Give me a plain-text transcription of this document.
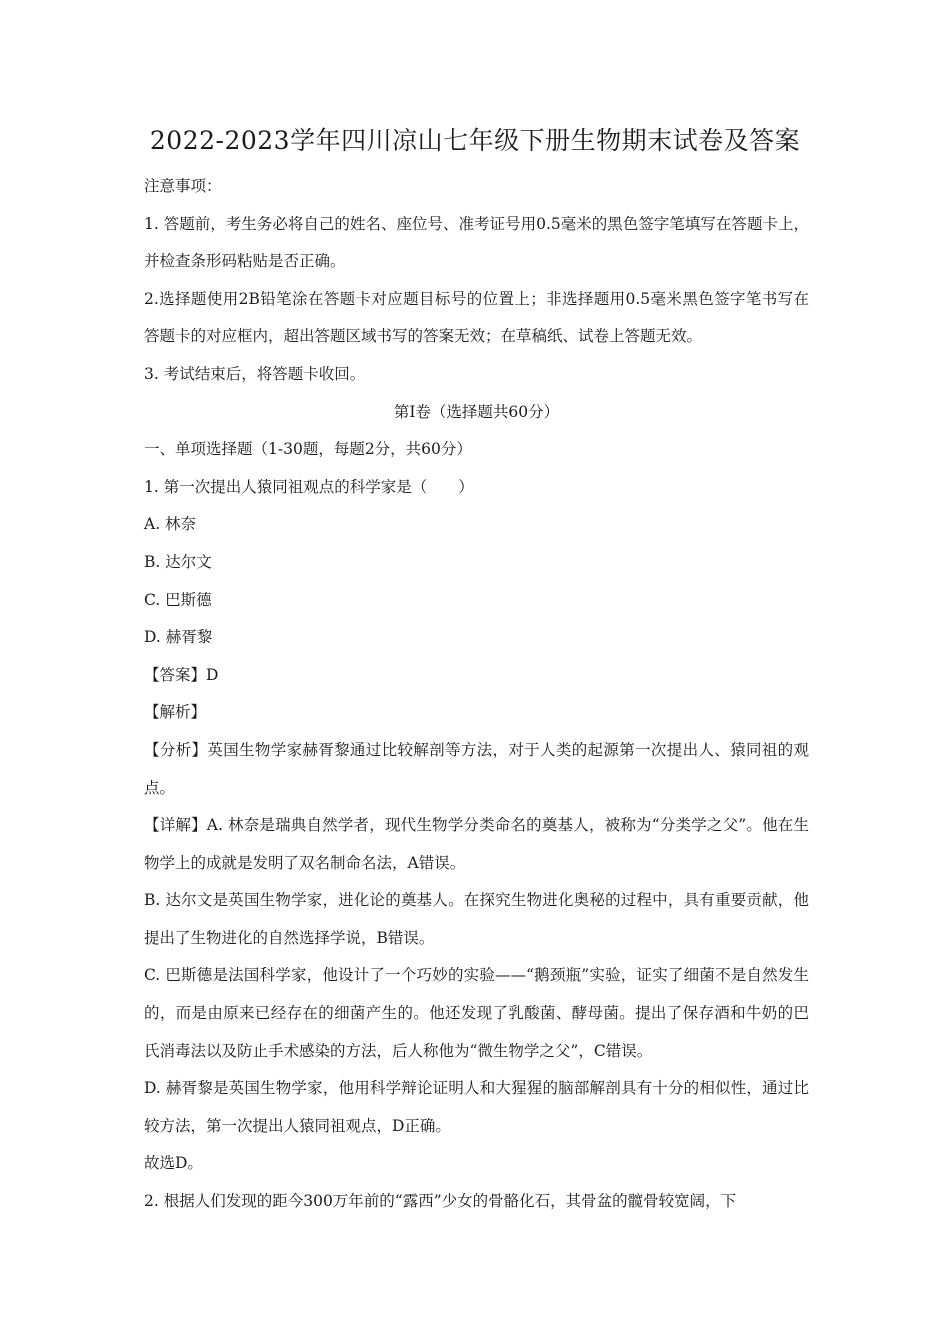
2022-2023学年四川凉山七年级下册生物期末试卷及答案

注意事项：

1. 答题前，考生务必将自己的姓名、座位号、准考证号用0.5毫米的黑色签字笔填写在答题卡上，并检查条形码粘贴是否正确。

2.选择题使用2B铅笔涂在答题卡对应题目标号的位置上；非选择题用0.5毫米黑色签字笔书写在答题卡的对应框内，超出答题区域书写的答案无效；在草稿纸、试卷上答题无效。

3. 考试结束后，将答题卡收回。

第Ⅰ卷（选择题共60分）

一、单项选择题（1-30题，每题2分，共60分）

1. 第一次提出人猿同祖观点的科学家是（　　）

A. 林奈

B. 达尔文

C. 巴斯德

D. 赫胥黎

【答案】D

【解析】

【分析】英国生物学家赫胥黎通过比较解剖等方法，对于人类的起源第一次提出人、猿同祖的观点。

【详解】A. 林奈是瑞典自然学者，现代生物学分类命名的奠基人，被称为“分类学之父”。他在生物学上的成就是发明了双名制命名法，A错误。

B. 达尔文是英国生物学家，进化论的奠基人。在探究生物进化奥秘的过程中，具有重要贡献，他提出了生物进化的自然选择学说，B错误。

C. 巴斯德是法国科学家，他设计了一个巧妙的实验——“鹅颈瓶”实验，证实了细菌不是自然发生的，而是由原来已经存在的细菌产生的。他还发现了乳酸菌、酵母菌。提出了保存酒和牛奶的巴氏消毒法以及防止手术感染的方法，后人称他为“微生物学之父”，C错误。

D. 赫胥黎是英国生物学家，他用科学辩论证明人和大猩猩的脑部解剖具有十分的相似性，通过比较方法，第一次提出人猿同祖观点，D正确。

故选D。

2. 根据人们发现的距今300万年前的“露西”少女的骨骼化石，其骨盆的髋骨较宽阔，下
